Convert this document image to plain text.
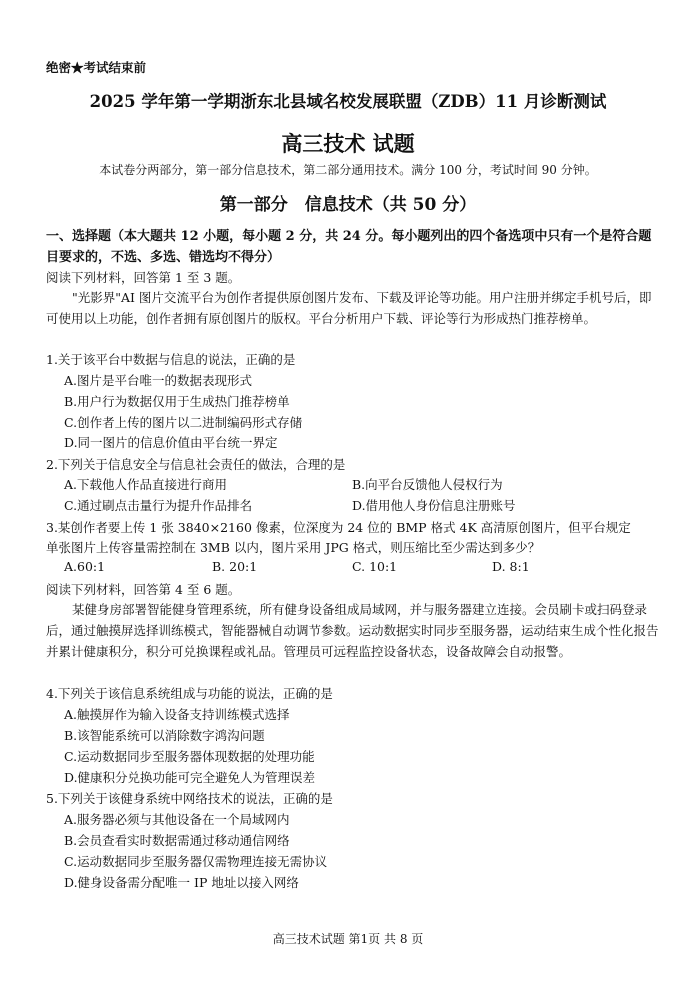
绝密★考试结束前
2025 学年第一学期浙东北县域名校发展联盟（ZDB）11 月诊断测试
高三技术 试题
本试卷分两部分，第一部分信息技术，第二部分通用技术。满分 100 分，考试时间 90 分钟。
第一部分　信息技术（共 50 分）
一、选择题（本大题共 12 小题，每小题 2 分，共 24 分。每小题列出的四个备选项中只有一个是符合题目要求的，不选、多选、错选均不得分）
阅读下列材料，回答第 1 至 3 题。
"光影界"AI 图片交流平台为创作者提供原创图片发布、下载及评论等功能。用户注册并绑定手机号后，即可使用以上功能，创作者拥有原创图片的版权。平台分析用户下载、评论等行为形成热门推荐榜单。
1.关于该平台中数据与信息的说法，正确的是
A.图片是平台唯一的数据表现形式
B.用户行为数据仅用于生成热门推荐榜单
C.创作者上传的图片以二进制编码形式存储
D.同一图片的信息价值由平台统一界定
2.下列关于信息安全与信息社会责任的做法，合理的是
A.下载他人作品直接进行商用	B.向平台反馈他人侵权行为
C.通过刷点击量行为提升作品排名	D.借用他人身份信息注册账号
3.某创作者要上传 1 张 3840×2160 像素，位深度为 24 位的 BMP 格式 4K 高清原创图片，但平台规定
单张图片上传容量需控制在 3MB 以内，图片采用 JPG 格式，则压缩比至少需达到多少？
A.60:1	B. 20:1	C. 10:1	D. 8:1
阅读下列材料，回答第 4 至 6 题。
某健身房部署智能健身管理系统，所有健身设备组成局域网，并与服务器建立连接。会员刷卡或扫码登录后，通过触摸屏选择训练模式，智能器械自动调节参数。运动数据实时同步至服务器，运动结束生成个性化报告并累计健康积分，积分可兑换课程或礼品。管理员可远程监控设备状态，设备故障会自动报警。
4.下列关于该信息系统组成与功能的说法，正确的是
A.触摸屏作为输入设备支持训练模式选择
B.该智能系统可以消除数字鸿沟问题
C.运动数据同步至服务器体现数据的处理功能
D.健康积分兑换功能可完全避免人为管理误差
5.下列关于该健身系统中网络技术的说法，正确的是
A.服务器必须与其他设备在一个局域网内
B.会员查看实时数据需通过移动通信网络
C.运动数据同步至服务器仅需物理连接无需协议
D.健身设备需分配唯一 IP 地址以接入网络
高三技术试题 第1页 共 8 页
